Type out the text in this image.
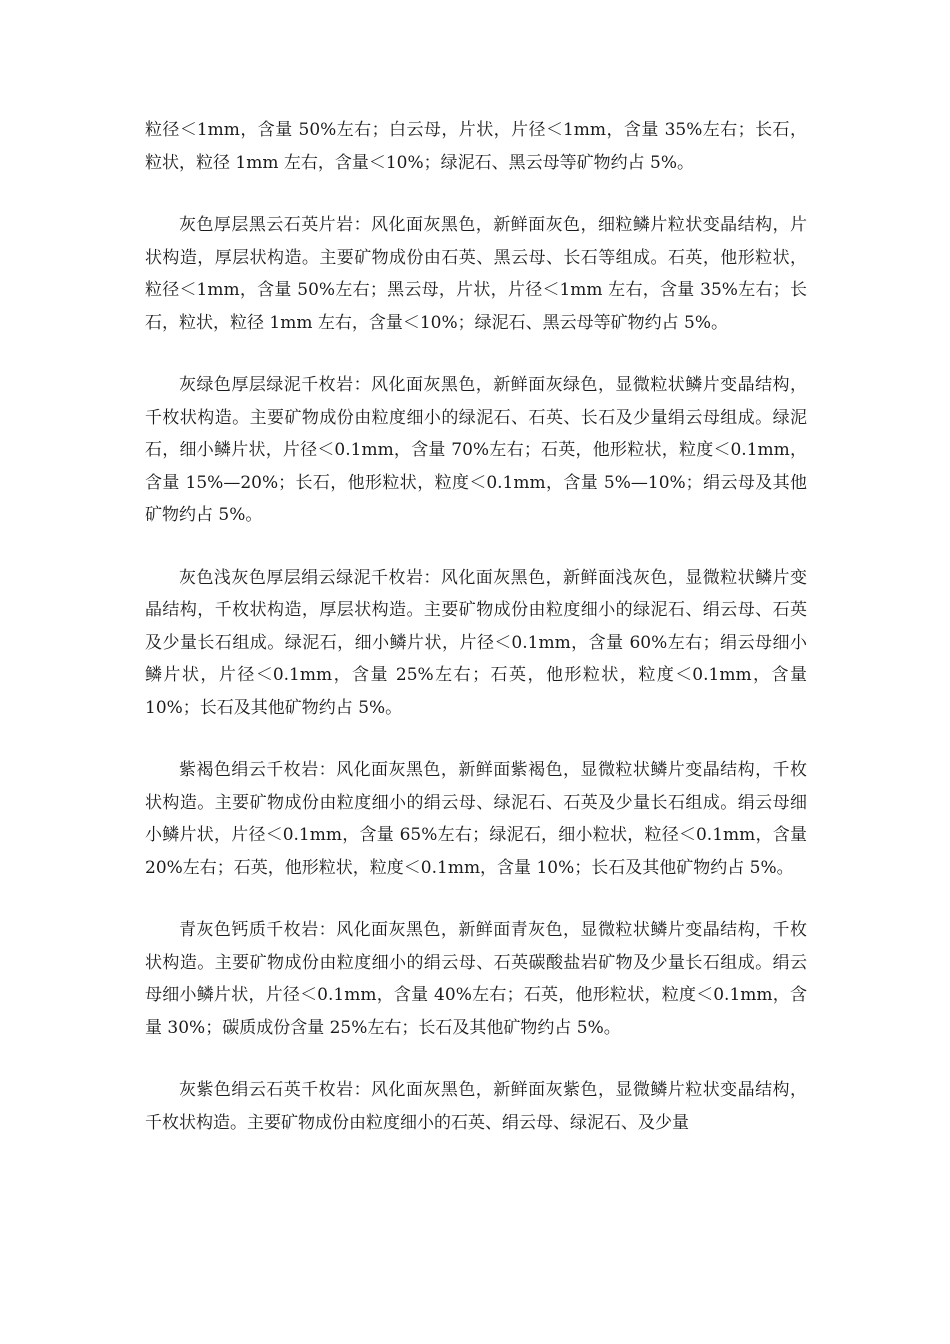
粒径＜1mm，含量 50%左右；白云母，片状，片径＜1mm，含量 35%左右；长石，粒状，粒径 1mm 左右，含量＜10%；绿泥石、黑云母等矿物约占 5%。

灰色厚层黑云石英片岩：风化面灰黑色，新鲜面灰色，细粒鳞片粒状变晶结构，片状构造，厚层状构造。主要矿物成份由石英、黑云母、长石等组成。石英，他形粒状，粒径＜1mm，含量 50%左右；黑云母，片状，片径＜1mm 左右，含量 35%左右；长石，粒状，粒径 1mm 左右，含量＜10%；绿泥石、黑云母等矿物约占 5%。

灰绿色厚层绿泥千枚岩：风化面灰黑色，新鲜面灰绿色，显微粒状鳞片变晶结构，千枚状构造。主要矿物成份由粒度细小的绿泥石、石英、长石及少量绢云母组成。绿泥石，细小鳞片状，片径＜0.1mm，含量 70%左右；石英，他形粒状，粒度＜0.1mm，含量 15%—20%；长石，他形粒状，粒度＜0.1mm，含量 5%—10%；绢云母及其他矿物约占 5%。

灰色浅灰色厚层绢云绿泥千枚岩：风化面灰黑色，新鲜面浅灰色，显微粒状鳞片变晶结构，千枚状构造，厚层状构造。主要矿物成份由粒度细小的绿泥石、绢云母、石英及少量长石组成。绿泥石，细小鳞片状，片径＜0.1mm，含量 60%左右；绢云母细小鳞片状，片径＜0.1mm，含量 25%左右；石英，他形粒状，粒度＜0.1mm，含量 10%；长石及其他矿物约占 5%。

紫褐色绢云千枚岩：风化面灰黑色，新鲜面紫褐色，显微粒状鳞片变晶结构，千枚状构造。主要矿物成份由粒度细小的绢云母、绿泥石、石英及少量长石组成。绢云母细小鳞片状，片径＜0.1mm，含量 65%左右；绿泥石，细小粒状，粒径＜0.1mm，含量 20%左右；石英，他形粒状，粒度＜0.1mm，含量 10%；长石及其他矿物约占 5%。

青灰色钙质千枚岩：风化面灰黑色，新鲜面青灰色，显微粒状鳞片变晶结构，千枚状构造。主要矿物成份由粒度细小的绢云母、石英碳酸盐岩矿物及少量长石组成。绢云母细小鳞片状，片径＜0.1mm，含量 40%左右；石英，他形粒状，粒度＜0.1mm，含量 30%；碳质成份含量 25%左右；长石及其他矿物约占 5%。

灰紫色绢云石英千枚岩：风化面灰黑色，新鲜面灰紫色，显微鳞片粒状变晶结构，千枚状构造。主要矿物成份由粒度细小的石英、绢云母、绿泥石、及少量
